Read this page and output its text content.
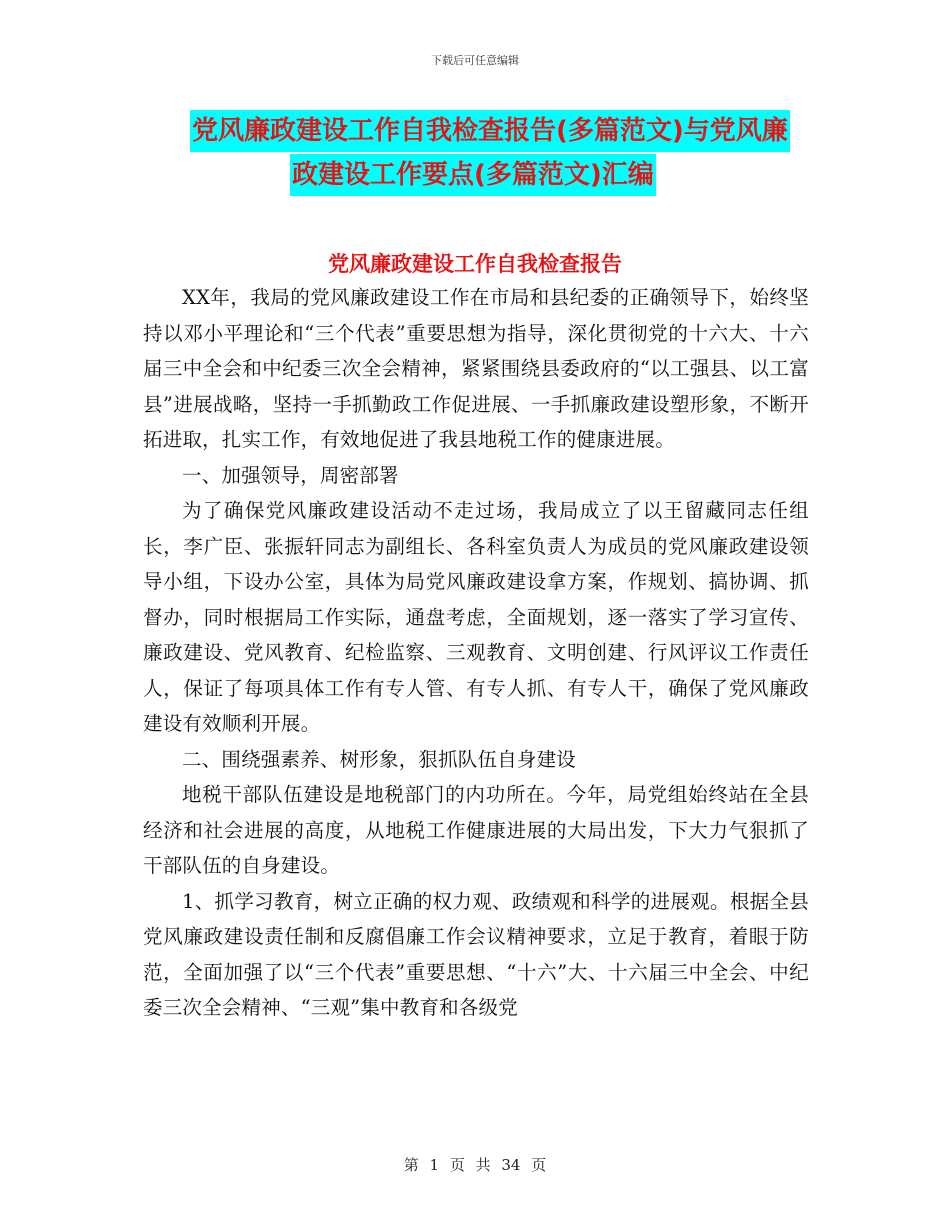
下载后可任意编辑
党风廉政建设工作自我检查报告(多篇范文)与党风廉
政建设工作要点(多篇范文)汇编
党风廉政建设工作自我检查报告

XX年，我局的党风廉政建设工作在市局和县纪委的正确领导下，始终坚持以邓小平理论和“三个代表”重要思想为指导，深化贯彻党的十六大、十六届三中全会和中纪委三次全会精神，紧紧围绕县委政府的“以工强县、以工富县”进展战略，坚持一手抓勤政工作促进展、一手抓廉政建设塑形象，不断开拓进取，扎实工作，有效地促进了我县地税工作的健康进展。

一、加强领导，周密部署

为了确保党风廉政建设活动不走过场，我局成立了以王留藏同志任组长，李广臣、张振轩同志为副组长、各科室负责人为成员的党风廉政建设领导小组，下设办公室，具体为局党风廉政建设拿方案，作规划、搞协调、抓督办，同时根据局工作实际，通盘考虑，全面规划，逐一落实了学习宣传、廉政建设、党风教育、纪检监察、三观教育、文明创建、行风评议工作责任人，保证了每项具体工作有专人管、有专人抓、有专人干，确保了党风廉政建设有效顺利开展。

二、围绕强素养、树形象，狠抓队伍自身建设

地税干部队伍建设是地税部门的内功所在。今年，局党组始终站在全县经济和社会进展的高度，从地税工作健康进展的大局出发，下大力气狠抓了干部队伍的自身建设。

1、抓学习教育，树立正确的权力观、政绩观和科学的进展观。根据全县党风廉政建设责任制和反腐倡廉工作会议精神要求，立足于教育，着眼于防范，全面加强了以“三个代表”重要思想、“十六”大、十六届三中全会、中纪委三次全会精神、“三观”集中教育和各级党

第 1 页 共 34 页
